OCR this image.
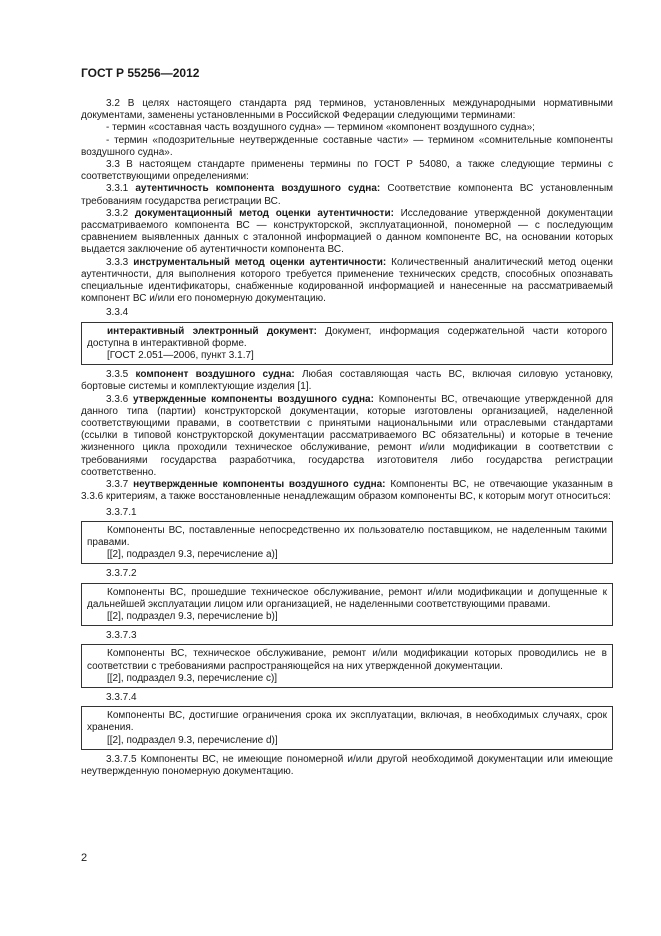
ГОСТ Р 55256—2012

3.2 В целях настоящего стандарта ряд терминов, установленных международными нормативными документами, заменены установленными в Российской Федерации следующими терминами:

- термин «составная часть воздушного судна» — термином «компонент воздушного судна»;

- термин «подозрительные неутвержденные составные части» — термином «сомнительные компоненты воздушного судна».

3.3 В настоящем стандарте применены термины по ГОСТ Р 54080, а также следующие термины с соответствующими определениями:

3.3.1 аутентичность компонента воздушного судна: Соответствие компонента ВС установленным требованиям государства регистрации ВС.

3.3.2 документационный метод оценки аутентичности: Исследование утвержденной документации рассматриваемого компонента ВС — конструкторской, эксплуатационной, пономерной — с последующим сравнением выявленных данных с эталонной информацией о данном компоненте ВС, на основании которых выдается заключение об аутентичности компонента ВС.

3.3.3 инструментальный метод оценки аутентичности: Количественный аналитический метод оценки аутентичности, для выполнения которого требуется применение технических средств, способных опознавать специальные идентификаторы, снабженные кодированной информацией и нанесенные на рассматриваемый компонент ВС и/или его пономерную документацию.

3.3.4

интерактивный электронный документ: Документ, информация содержательной части которого доступна в интерактивной форме.

[ГОСТ 2.051—2006, пункт 3.1.7]

3.3.5 компонент воздушного судна: Любая составляющая часть ВС, включая силовую установку, бортовые системы и комплектующие изделия [1].

3.3.6 утвержденные компоненты воздушного судна: Компоненты ВС, отвечающие утвержденной для данного типа (партии) конструкторской документации, которые изготовлены организацией, наделенной соответствующими правами, в соответствии с принятыми национальными или отраслевыми стандартами (ссылки в типовой конструкторской документации рассматриваемого ВС обязательны) и которые в течение жизненного цикла проходили техническое обслуживание, ремонт и/или модификации в соответствии с требованиями государства разработчика, государства изготовителя либо государства регистрации соответственно.

3.3.7 неутвержденные компоненты воздушного судна: Компоненты ВС, не отвечающие указанным в 3.3.6 критериям, а также восстановленные ненадлежащим образом компоненты ВС, к которым могут относиться:

3.3.7.1

Компоненты ВС, поставленные непосредственно их пользователю поставщиком, не наделенным такими правами.

[[2], подраздел 9.3, перечисление a)]

3.3.7.2

Компоненты ВС, прошедшие техническое обслуживание, ремонт и/или модификации и допущенные к дальнейшей эксплуатации лицом или организацией, не наделенными соответствующими правами.

[[2], подраздел 9.3, перечисление b)]

3.3.7.3

Компоненты ВС, техническое обслуживание, ремонт и/или модификации которых проводились не в соответствии с требованиями распространяющейся на них утвержденной документации.

[[2], подраздел 9.3, перечисление c)]

3.3.7.4

Компоненты ВС, достигшие ограничения срока их эксплуатации, включая, в необходимых случаях, срок хранения.

[[2], подраздел 9.3, перечисление d)]

3.3.7.5 Компоненты ВС, не имеющие пономерной и/или другой необходимой документации или имеющие неутвержденную пономерную документацию.

2
